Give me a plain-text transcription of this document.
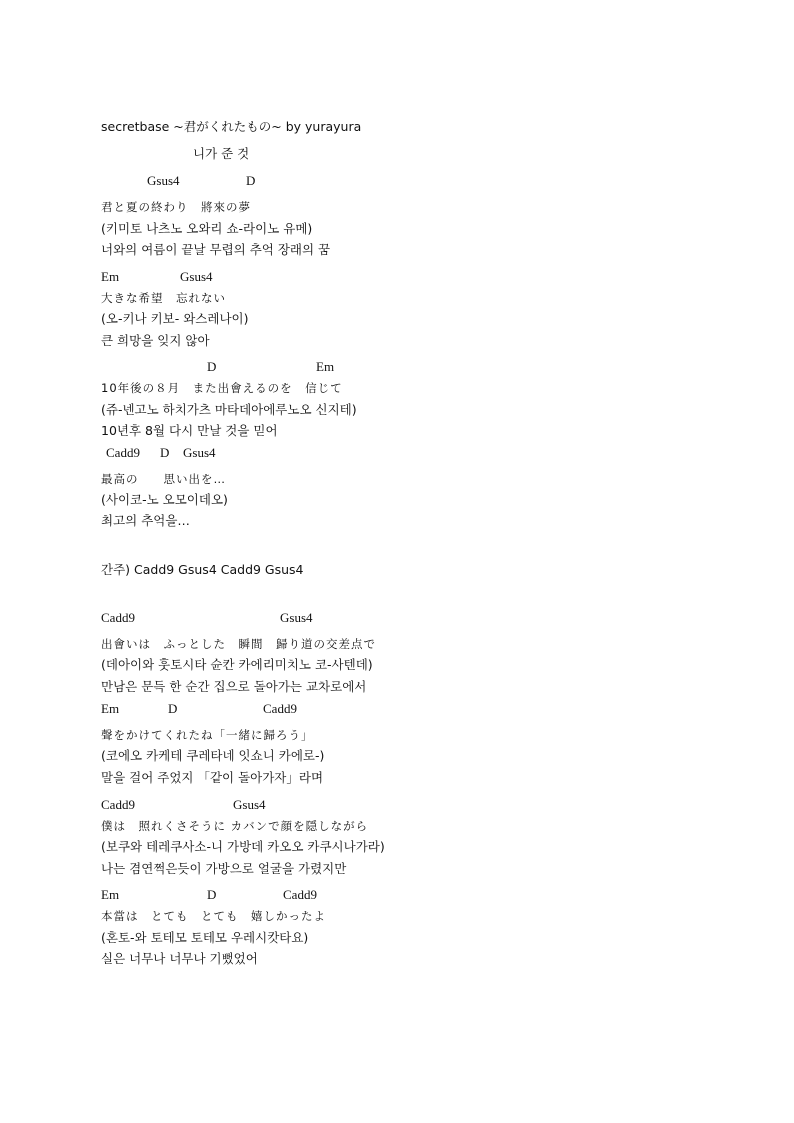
secretbase ~君がくれたもの~ by yurayura
니가 준 것
Gsus4	D
君と夏の終わり　將來の夢
(키미토 나츠노 오와리 쇼-라이노 유메)
너와의 여름이 끝날 무렵의 추억 장래의 꿈
Em	Gsus4
大きな希望　忘れない
(오-키나 키보- 와스레나이)
큰 희망을 잊지 않아
D	Em
10年後の８月　また出會えるのを　信じて
(쥬-넨고노 하치가츠 마타데아에루노오 신지테)
10년후 8월 다시 만날 것을 믿어
Cadd9 D Gsus4
最高の　　思い出を…
(사이코-노 오모이데오)
최고의 추억을…
간주) Cadd9 Gsus4 Cadd9 Gsus4
Cadd9	Gsus4
出會いは　ふっとした　瞬間　歸り道の交差点で
(데아이와 훗토시타 슌칸 카에리미치노 코-사텐데)
만남은 문득 한 순간 집으로 돌아가는 교차로에서
Em	D	Cadd9
聲をかけてくれたね「一緒に歸ろう」
(코에오 카케테 쿠레타네 잇쇼니 카에로-)
말을 걸어 주었지 「같이 돌아가자」라며
Cadd9	Gsus4
僕は　照れくさそうに カバンで顔を隠しながら
(보쿠와 테레쿠사소-니 가방데 카오오 카쿠시나가라)
나는 겸연쩍은듯이 가방으로 얼굴을 가렸지만
Em	D	Cadd9
本當は　とても　とても　嬉しかったよ
(혼토-와 토테모 토테모 우레시캇타요)
실은 너무나 너무나 기뻤었어
